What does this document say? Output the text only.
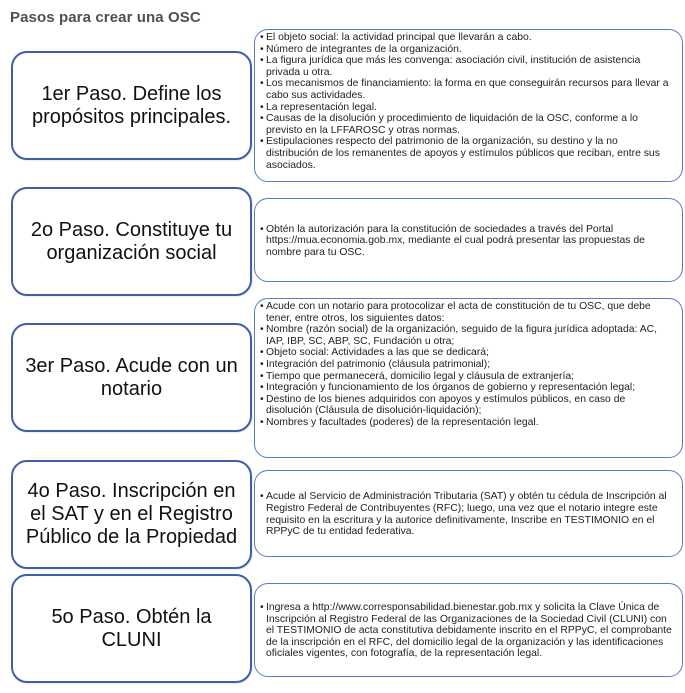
Pasos para crear una OSC
• El objeto social: la actividad principal que llevarán a cabo.
• Número de integrantes de la organización.
• La figura jurídica que más les convenga: asociación civil, institución de asistencia privada u otra.
• Los mecanismos de financiamiento: la forma en que conseguirán recursos para llevar a cabo sus actividades.
• La representación legal.
• Causas de la disolución y procedimiento de liquidación de la OSC, conforme a lo previsto en la LFFAROSC y otras normas.
• Estipulaciones respecto del patrimonio de la organización, su destino y la no distribución de los remanentes de apoyos y estímulos públicos que reciban, entre sus asociados.
1er Paso. Define los propósitos principales.
• Obtén la autorización para la constitución de sociedades a través del Portal https://mua.economia.gob.mx, mediante el cual podrá presentar las propuestas de nombre para tu OSC.
2o Paso. Constituye tu organización social
• Acude con un notario para protocolizar el acta de constitución de tu OSC, que debe tener, entre otros, los siguientes datos:
• Nombre (razón social) de la organización, seguido de la figura jurídica adoptada: AC, IAP, IBP, SC, ABP, SC, Fundación u otra;
• Objeto social: Actividades a las que se dedicará;
• Integración del patrimonio (cláusula patrimonial);
• Tiempo que permanecerá, domicilio legal y cláusula de extranjería;
• Integración y funcionamiento de los órganos de gobierno y representación legal;
• Destino de los bienes adquiridos con apoyos y estímulos públicos, en caso de disolución (Cláusula de disolución-liquidación);
• Nombres y facultades (poderes) de la representación legal.
3er Paso. Acude con un notario
• Acude al Servicio de Administración Tributaria (SAT) y obtén tu cédula de Inscripción al Registro Federal de Contribuyentes (RFC); luego, una vez que el notario integre este requisito en la escritura y la autorice definitivamente, Inscribe en TESTIMONIO en el RPPyC de tu entidad federativa.
4o Paso. Inscripción en el SAT y en el Registro Público de la Propiedad
• Ingresa a http://www.corresponsabilidad.bienestar.gob.mx y solicita la Clave Única de Inscripción al Registro Federal de las Organizaciones de la Sociedad Civil (CLUNI) con el TESTIMONIO de acta constitutiva debidamente inscrito en el RPPyC, el comprobante de la inscripción en el RFC, del domicilio legal de la organización y las identificaciones oficiales vigentes, con fotografía, de la representación legal.
5o Paso. Obtén la CLUNI
